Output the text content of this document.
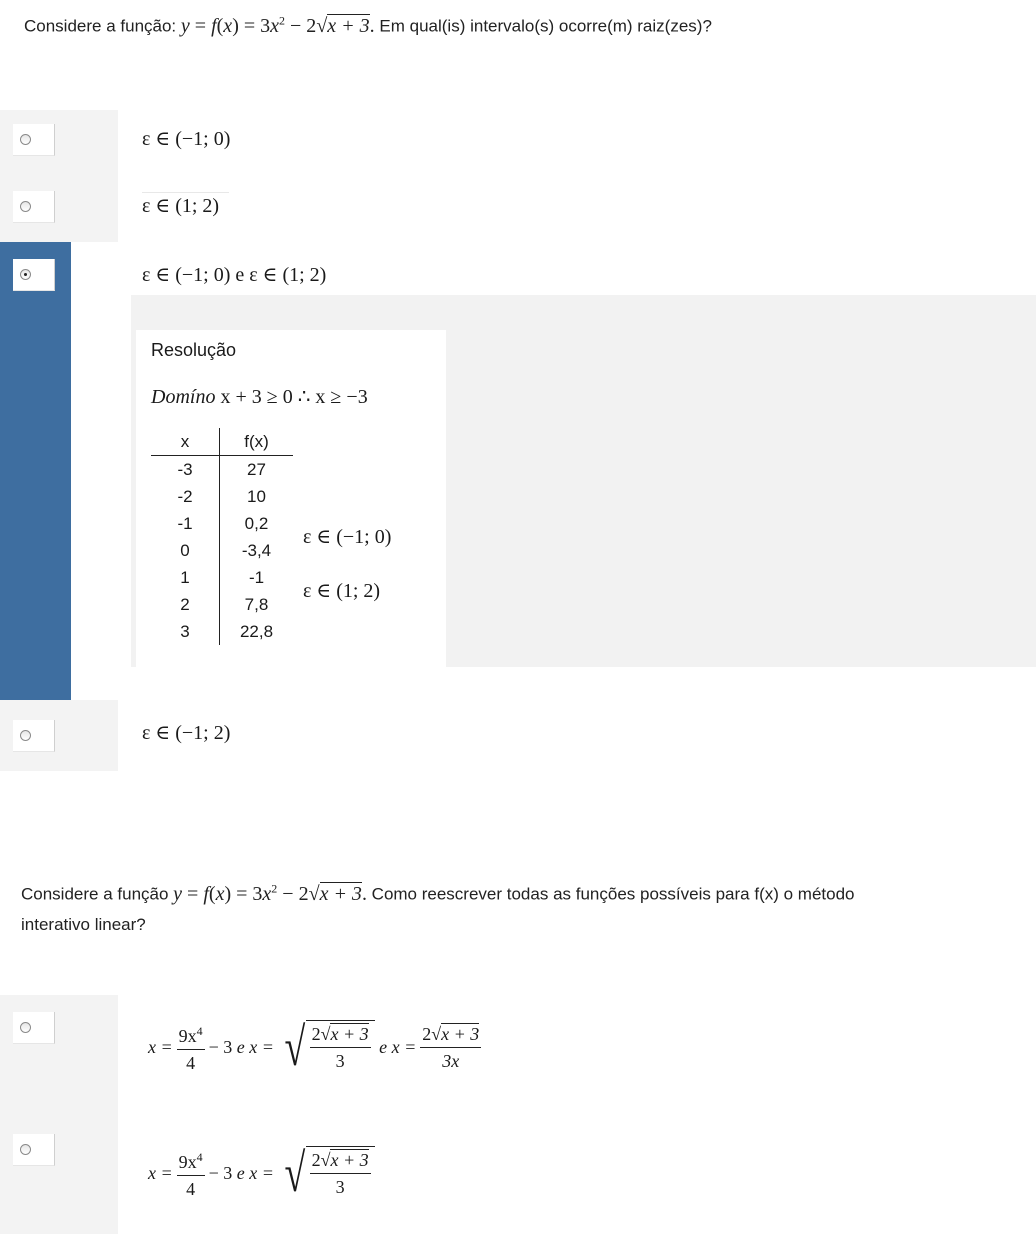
Considere a função: $y = f(x) = 3x^2 - 2√x + 3$. Em qual(is) intervalo(s) ocorre(m) raiz(zes)?
ε ∈ (−1; 0)
ε ∈ (1; 2)
ε ∈ (−1; 0) e ε ∈ (1; 2)
Resolução
Domíno x + 3 ≥ 0 ∴ x ≥ −3
x	f(x)
-3	27
-2	10
-1	0,2
0	-3,4
1	-1
2	7,8
3	22,8
ε ∈ (−1; 0)
ε ∈ (1; 2)
ε ∈ (−1; 2)
Considere a função $y = f(x) = 3x^2 - 2√x + 3$. Como reescrever todas as funções possíveis para f(x) o método
interativo linear?
$x = \frac{9x^4}{4} - 3$
e
x = √ $\frac{2√x + 3}{3}$
e
$x = \frac{2√x + 3}{3x}$
$x = \frac{9x^4}{4} - 3$
e
x = √ $\frac{2√x + 3}{3}$
